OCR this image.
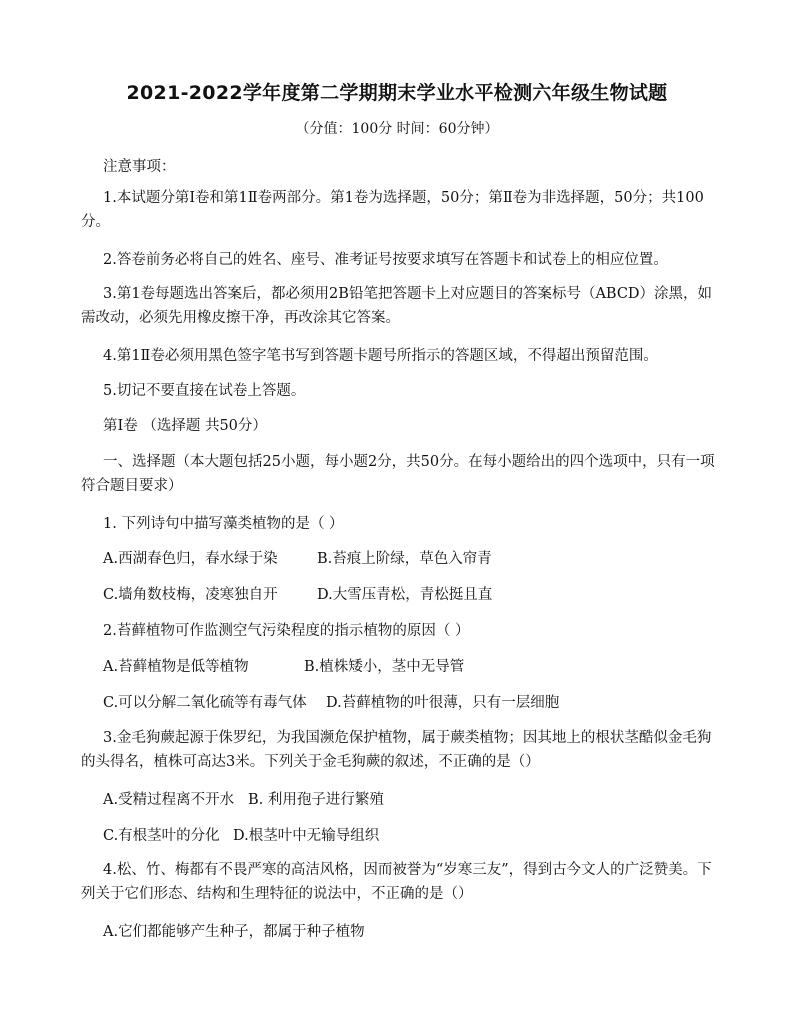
2021-2022学年度第二学期期末学业水平检测六年级生物试题
（分值：100分 时间：60分钟）
注意事项：
1.本试题分第Ⅰ卷和第1Ⅱ卷两部分。第1卷为选择题，50分；第Ⅱ卷为非选择题，50分；共100分。
2.答卷前务必将自己的姓名、座号、准考证号按要求填写在答题卡和试卷上的相应位置。
3.第1卷每题选出答案后，都必须用2B铅笔把答题卡上对应题目的答案标号（ABCD）涂黑，如需改动，必须先用橡皮擦干净，再改涂其它答案。
4.第1Ⅱ卷必须用黑色签字笔书写到答题卡题号所指示的答题区域，不得超出预留范围。
5.切记不要直接在试卷上答题。
第Ⅰ卷 （选择题 共50分）
一、选择题（本大题包括25小题，每小题2分，共50分。在每小题给出的四个选项中，只有一项符合题目要求）
1. 下列诗句中描写藻类植物的是（ ）
A.西湖春色归，春水绿于染	B.苔痕上阶绿，草色入帘青
C.墙角数枝梅，凌寒独自开	D.大雪压青松，青松挺且直
2.苔藓植物可作监测空气污染程度的指示植物的原因（ ）
A.苔藓植物是低等植物	B.植株矮小，茎中无导管
C.可以分解二氧化硫等有毒气体 D.苔藓植物的叶很薄，只有一层细胞
3.金毛狗蕨起源于侏罗纪，为我国濒危保护植物，属于蕨类植物；因其地上的根状茎酷似金毛狗的头得名，植株可高达3米。下列关于金毛狗蕨的叙述，不正确的是（）
A.受精过程离不开水 B. 利用孢子进行繁殖
C.有根茎叶的分化 D.根茎叶中无输导组织
4.松、竹、梅都有不畏严寒的高洁风格，因而被誉为“岁寒三友”，得到古今文人的广泛赞美。下列关于它们形态、结构和生理特征的说法中，不正确的是（）
A.它们都能够产生种子，都属于种子植物
